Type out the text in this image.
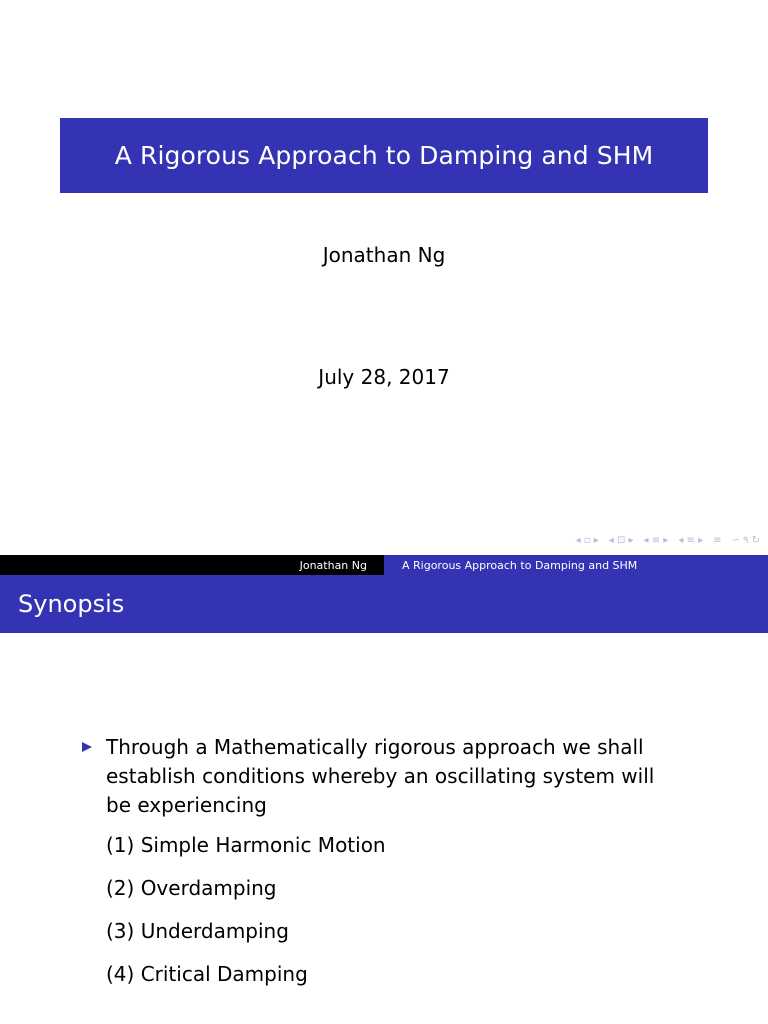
A Rigorous Approach to Damping and SHM
Jonathan Ng
July 28, 2017
◂ ▫ ▸ ◂ ⊡ ▸ ◂ ≡ ▸ ◂ ≡ ▸ ≡ ∽ ۹ ↻
Jonathan Ng	A Rigorous Approach to Damping and SHM
Synopsis
Through a Mathematically rigorous approach we shall establish conditions whereby an oscillating system will be experiencing
(1) Simple Harmonic Motion
(2) Overdamping
(3) Underdamping
(4) Critical Damping
